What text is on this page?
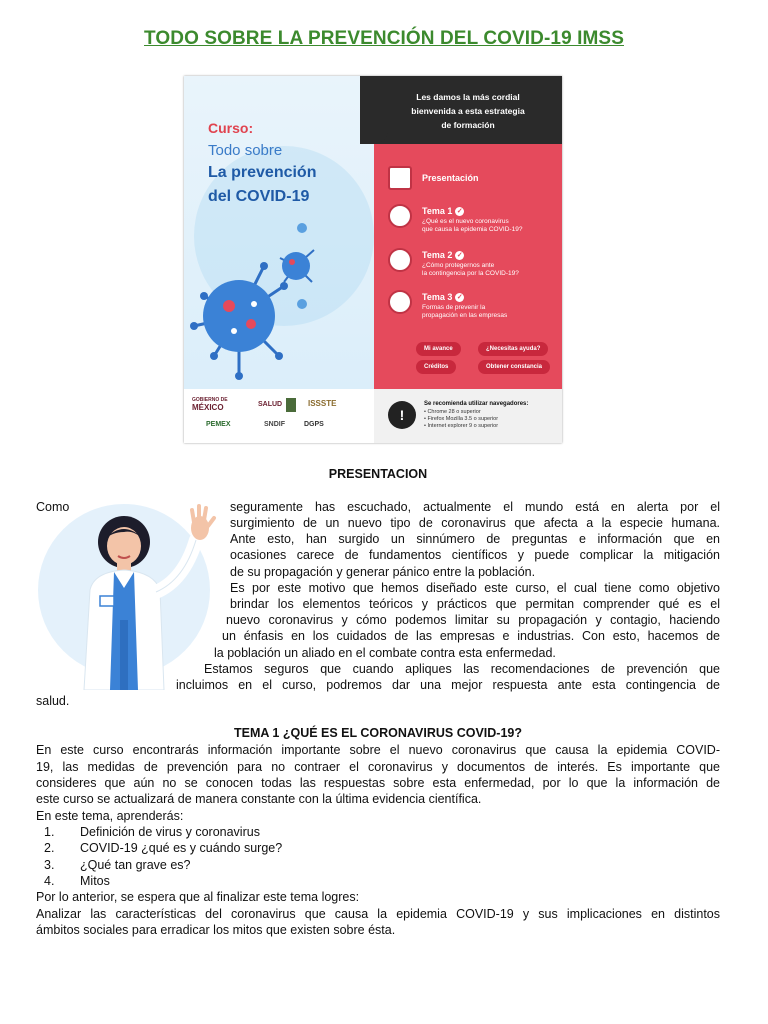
TODO SOBRE LA PREVENCIÓN DEL COVID-19 IMSS
Curso:
Todo sobre
La prevención
del COVID-19
Les damos la más cordial
bienvenida a esta estrategia
de formación
Presentación
Tema 1 ✓
¿Qué es el nuevo coronavirus
que causa la epidemia COVID-19?
Tema 2 ✓
¿Cómo protegernos ante
la contingencia por la COVID-19?
Tema 3 ✓
Formas de prevenir la
propagación en las empresas
Mi avance	¿Necesitas ayuda?
Créditos	Obtener constancia
GOBIERNO DE
MÉXICO	SALUD	ISSSTE
PEMEX	SNDIF	DGPS
!
Se recomienda utilizar navegadores:
• Chrome 28 o superior
• Firefox Mozilla 3.5 o superior
• Internet explorer 9 o superior
PRESENTACION
Como	seguramente has escuchado, actualmente el mundo está en alerta por el
surgimiento de un nuevo tipo de coronavirus que afecta a la especie humana.
Ante esto, han surgido un sinnúmero de preguntas e información que en
ocasiones carece de fundamentos científicos y puede complicar la mitigación
de su propagación y generar pánico entre la población.
Es por este motivo que hemos diseñado este curso, el cual tiene como objetivo
brindar los elementos teóricos y prácticos que permitan comprender qué es el
nuevo coronavirus y cómo podemos limitar su propagación y contagio, haciendo
un énfasis en los cuidados de las empresas e industrias. Con esto, hacemos de
la población un aliado en el combate contra esta enfermedad.
Estamos seguros que cuando apliques las recomendaciones de prevención que
incluimos en el curso, podremos dar una mejor respuesta ante esta contingencia de
salud.
TEMA 1 ¿QUÉ ES EL CORONAVIRUS COVID-19?
En este curso encontrarás información importante sobre el nuevo coronavirus que causa la epidemia COVID-
19, las medidas de prevención para no contraer el coronavirus y documentos de interés. Es importante que
consideres que aún no se conocen todas las respuestas sobre esta enfermedad, por lo que la información de
este curso se actualizará de manera constante con la última evidencia científica.
En este tema, aprenderás:
1.	Definición de virus y coronavirus
2.	COVID-19 ¿qué es y cuándo surge?
3.	¿Qué tan grave es?
4.	Mitos
Por lo anterior, se espera que al finalizar este tema logres:
Analizar las características del coronavirus que causa la epidemia COVID-19 y sus implicaciones en distintos
ámbitos sociales para erradicar los mitos que existen sobre ésta.
